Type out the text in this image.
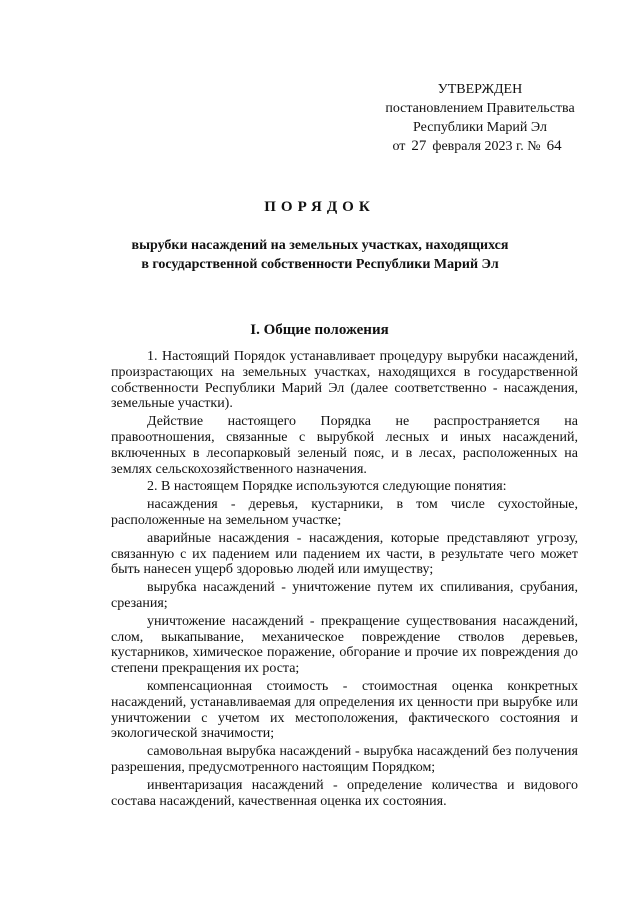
УТВЕРЖДЕН
постановлением Правительства
Республики Марий Эл
от 27 февраля 2023 г. № 64
ПОРЯДОК
вырубки насаждений на земельных участках, находящихся
в государственной собственности Республики Марий Эл
I. Общие положения

1. Настоящий Порядок устанавливает процедуру вырубки насаждений, произрастающих на земельных участках, находящихся в государственной собственности Республики Марий Эл (далее соответственно - насаждения, земельные участки).

Действие настоящего Порядка не распространяется на правоотношения, связанные с вырубкой лесных и иных насаждений, включенных в лесопарковый зеленый пояс, и в лесах, расположенных на землях сельскохозяйственного назначения.

2. В настоящем Порядке используются следующие понятия:

насаждения - деревья, кустарники, в том числе сухостойные, расположенные на земельном участке;

аварийные насаждения - насаждения, которые представляют угрозу, связанную с их падением или падением их части, в результате чего может быть нанесен ущерб здоровью людей или имуществу;

вырубка насаждений - уничтожение путем их спиливания, срубания, срезания;

уничтожение насаждений - прекращение существования насаждений, слом, выкапывание, механическое повреждение стволов деревьев, кустарников, химическое поражение, обгорание и прочие их повреждения до степени прекращения их роста;

компенсационная стоимость - стоимостная оценка конкретных насаждений, устанавливаемая для определения их ценности при вырубке или уничтожении с учетом их местоположения, фактического состояния и экологической значимости;

самовольная вырубка насаждений - вырубка насаждений без получения разрешения, предусмотренного настоящим Порядком;

инвентаризация насаждений - определение количества и видового состава насаждений, качественная оценка их состояния.
